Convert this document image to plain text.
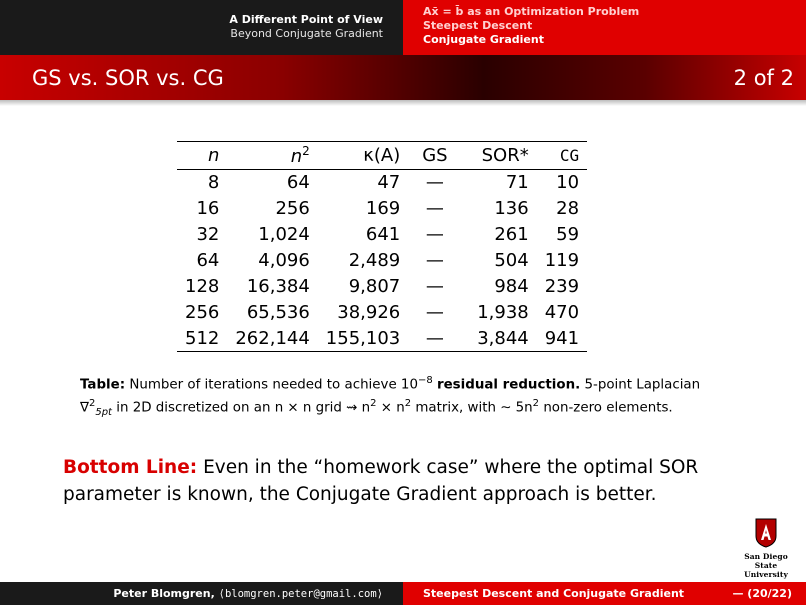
A Different Point of View
Beyond Conjugate Gradient
Ax̄ = b̄ as an Optimization Problem
Steepest Descent
Conjugate Gradient
GS vs. SOR vs. CG	2 of 2
n	$n^2$	κ(A)	GS	SOR*	CG
8	64	47	—	71	10
16	256	169	—	136	28
32	1,024	641	—	261	59
64	4,096	2,489	—	504	119
128	16,384	9,807	—	984	239
256	65,536	38,926	—	1,938	470
512	262,144	155,103	—	3,844	941
Table: Number of iterations needed to achieve $10^{-8}$ residual reduction. 5-point Laplacian ∇$^2_{5pt}$ in 2D discretized on an n × n grid ⇝ $n^2 \times n^2$ matrix, with ∼ $5n^2$ non-zero elements.
Bottom Line: Even in the “homework case” where the optimal SOR parameter is known, the Conjugate Gradient approach is better.
San Diego State
University
Peter Blomgren, ⟨blomgren.peter@gmail.com⟩	Steepest Descent and Conjugate Gradient	— (20/22)
